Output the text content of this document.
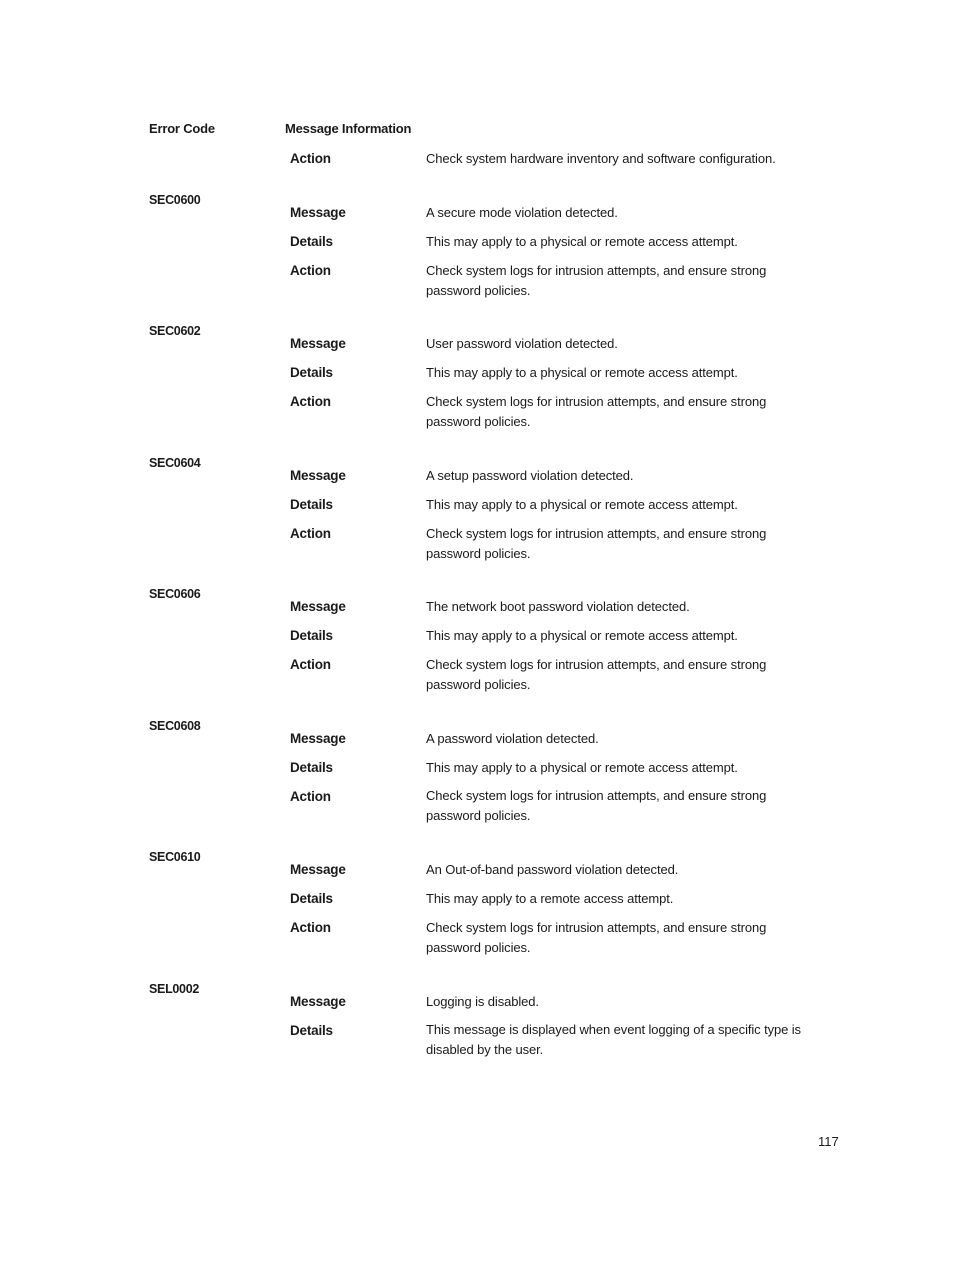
Error Code	Message Information
Action	Check system hardware inventory and software configuration.
SEC0600
Message	A secure mode violation detected.
Details	This may apply to a physical or remote access attempt.
Action	Check system logs for intrusion attempts, and ensure strong password policies.
SEC0602
Message	User password violation detected.
Details	This may apply to a physical or remote access attempt.
Action	Check system logs for intrusion attempts, and ensure strong password policies.
SEC0604
Message	A setup password violation detected.
Details	This may apply to a physical or remote access attempt.
Action	Check system logs for intrusion attempts, and ensure strong password policies.
SEC0606
Message	The network boot password violation detected.
Details	This may apply to a physical or remote access attempt.
Action	Check system logs for intrusion attempts, and ensure strong password policies.
SEC0608
Message	A password violation detected.
Details	This may apply to a physical or remote access attempt.
Action	Check system logs for intrusion attempts, and ensure strong password policies.
SEC0610
Message	An Out-of-band password violation detected.
Details	This may apply to a remote access attempt.
Action	Check system logs for intrusion attempts, and ensure strong password policies.
SEL0002
Message	Logging is disabled.
Details	This message is displayed when event logging of a specific type is disabled by the user.
117
